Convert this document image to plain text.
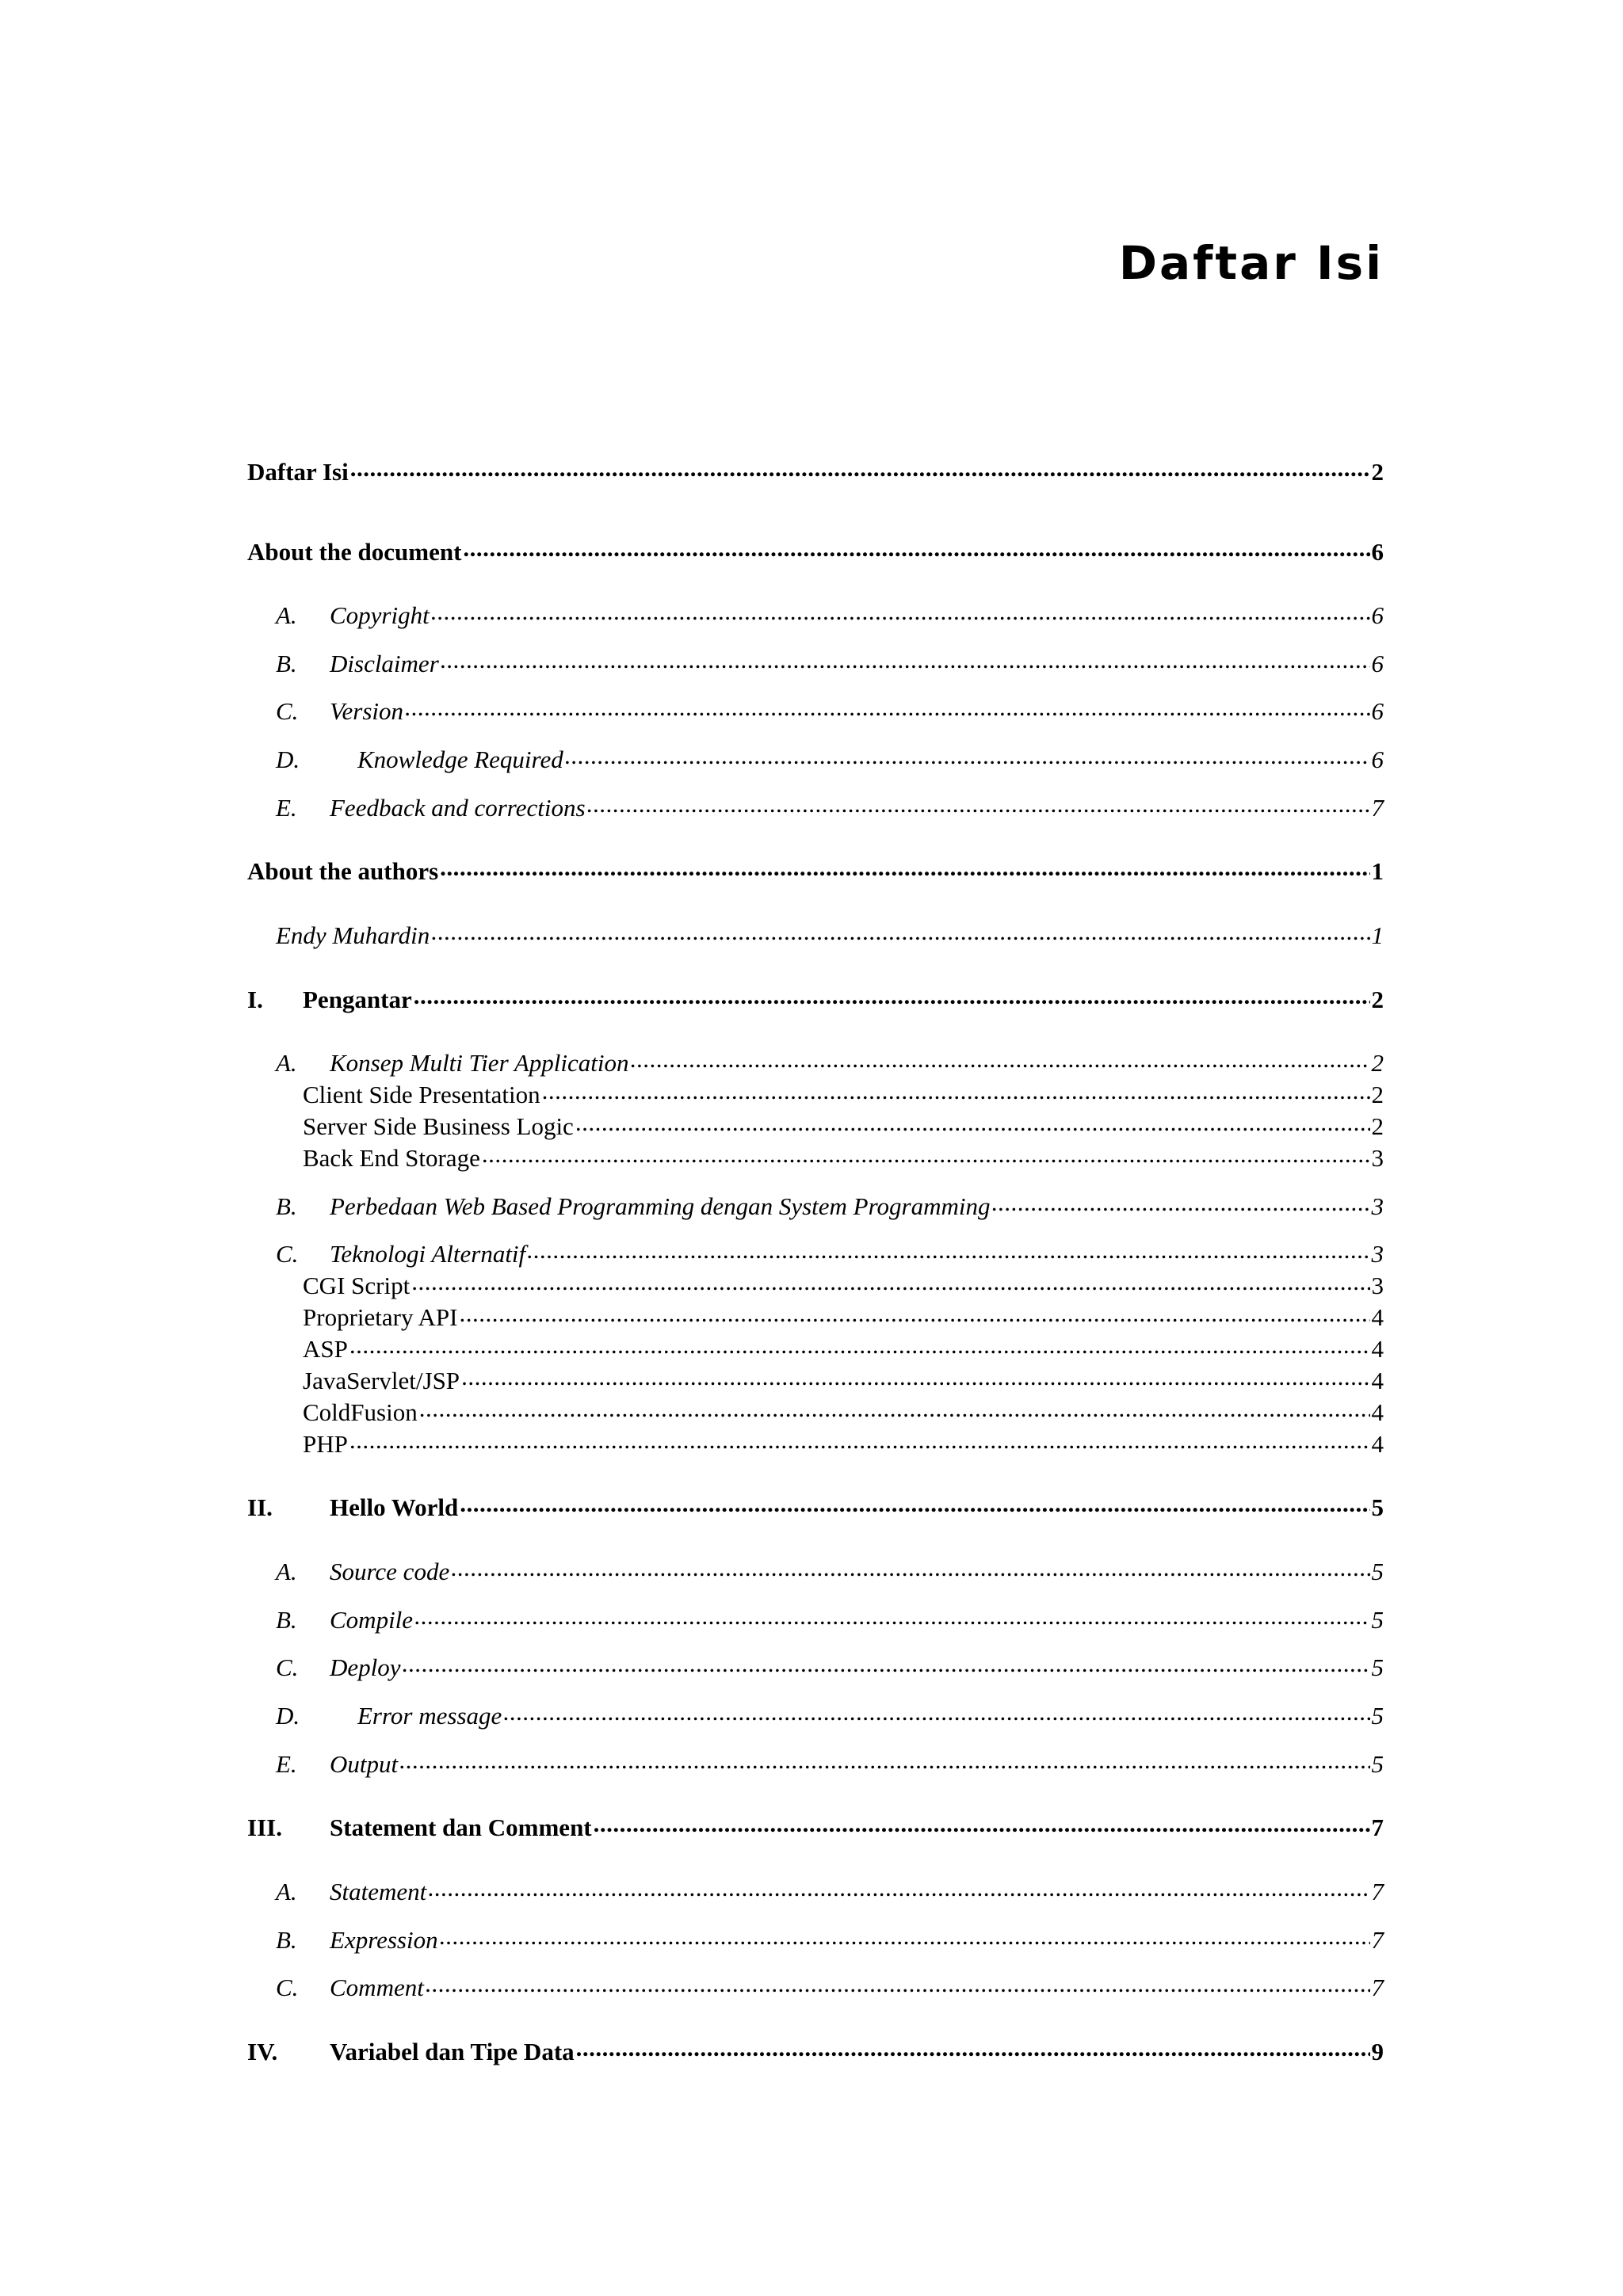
Daftar Isi
Daftar Isi .....	2
About the document .....	6
A.	Copyright .....	6
B.	Disclaimer .....	6
C.	Version .....	6
D.	Knowledge Required .....	6
E.	Feedback and corrections .....	7
About the authors .....	1
Endy Muhardin .....	1
I.	Pengantar .....	2
A.	Konsep Multi Tier Application .....	2
Client Side Presentation .....	2
Server Side Business Logic .....	2
Back End Storage .....	3
B.	Perbedaan Web Based Programming dengan System Programming .....	3
C.	Teknologi Alternatif .....	3
CGI Script .....	3
Proprietary API .....	4
ASP .....	4
JavaServlet/JSP .....	4
ColdFusion .....	4
PHP .....	4
II.	Hello World .....	5
A.	Source code .....	5
B.	Compile .....	5
C.	Deploy .....	5
D.	Error message .....	5
E.	Output .....	5
III.	Statement dan Comment .....	7
A.	Statement .....	7
B.	Expression .....	7
C.	Comment .....	7
IV.	Variabel dan Tipe Data .....	9
